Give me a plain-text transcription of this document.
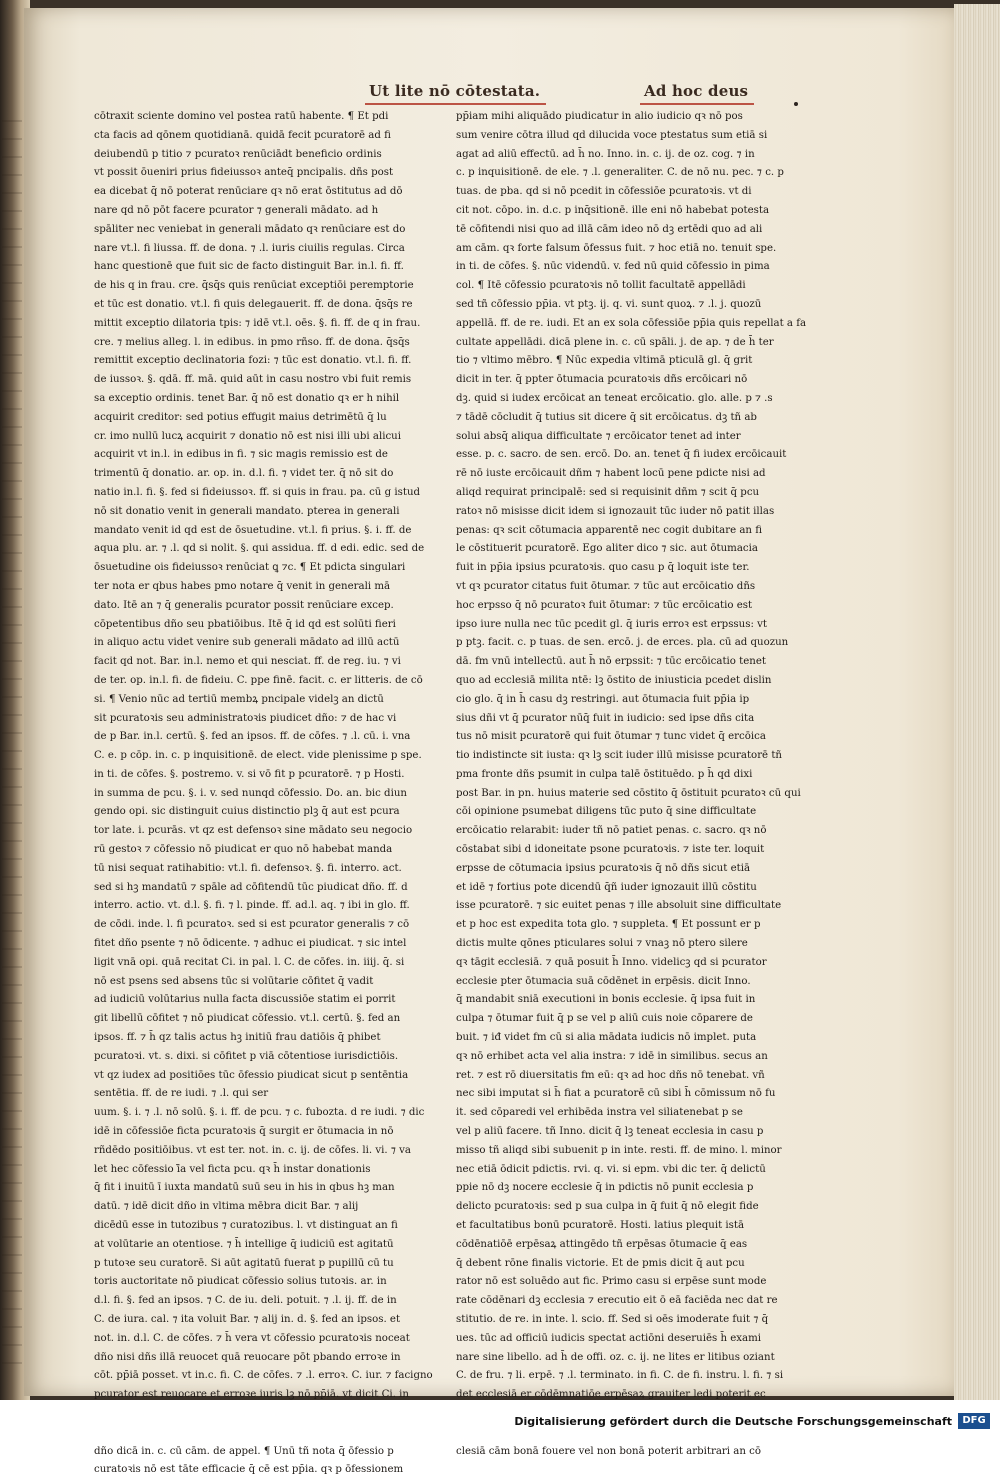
Ut lite nō cōtestata.	Ad hoc deus

cōtraxit sciente domino vel postea ratū habente. ¶ Et pdi

cta facis ad qōnem quotidianā. quidā fecit pcuratorē ad fi

deiubendū p titio ⁊ pcuratoꝛ renūciādt beneficio ordinis

vt possit ōueniri prius fideiussoꝛ anteq̄ pncipalis. dñs post

ea dicebat q̄ nō poterat renūciare qꝛ nō erat ōstitutus ad dō

nare qd nō pōt facere pcurator ⁊ generali mādato. ad h

spāliter nec veniebat in generali mādato qꝛ renūciare est do

nare vt.l. fi liussa. ff. de dona. ⁊ .l. iuris ciuilis regulas. Circa

hanc questionē que fuit sic de facto distinguit Bar. in.l. fi. ff.

de his q in frau. cre. q̄sq̄s quis renūciat exceptiōi peremptorie

et tūc est donatio. vt.l. fi quis delegauerit. ff. de dona. q̄sq̄s re

mittit exceptio dilatoria tpis: ⁊ idē vt.l. oēs. §. fi. ff. de q in frau.

cre. ⁊ melius alleg. l. in edibus. in pmo rñso. ff. de dona. q̄sq̄s

remittit exceptio declinatoria fozi: ⁊ tūc est donatio. vt.l. fi. ff.

de iussoꝛ. §. qdā. ff. mā. quid aūt in casu nostro vbi fuit remis

sa exceptio ordinis. tenet Bar. q̄ nō est donatio qꝛ er h nihil

acquirit creditor: sed potius effugit maius detrimētū q̄ lu

cr. imo nullū lucꝝ acquirit ⁊ donatio nō est nisi illi ubi alicui

acquirit vt in.l. in edibus in fi. ⁊ sic magis remissio est de

trimentū q̄ donatio. ar. op. in. d.l. fi. ⁊ videt ter. q̄ nō sit do

natio in.l. fi. §. fed si fideiussoꝛ. ff. si quis in frau. pa. cū g istud

nō sit donatio venit in generali mandato. pterea in generali

mandato venit id qd est de ōsuetudine. vt.l. fi prius. §. i. ff. de

aqua plu. ar. ⁊ .l. qd si nolit. §. qui assidua. ff. d edi. edic. sed de

ōsuetudine ois fideiussoꝛ renūciat ꝗ ⁊c. ¶ Et pdicta singulari

ter nota er qbus habes pmo notare q̄ venit in generali mā

dato. Itē an ⁊ q̄ generalis pcurator possit renūciare excep.

cōpetentibus dño seu pbatiōibus. Itē q̄ id qd est solūti fieri

in aliquo actu videt venire sub generali mādato ad illū actū

facit qd not. Bar. in.l. nemo et qui nesciat. ff. de reg. iu. ⁊ vi

de ter. op. in.l. fi. de fideiu. C. ppe finē. facit. c. er litteris. de cō

si. ¶ Venio nūc ad tertiū membꝝ pncipale videlꝫ an dictū

sit pcuratoꝛis seu administratoꝛis piudicet dño: ⁊ de hac vi

de p Bar. in.l. certū. §. fed an ipsos. ff. de cōfes. ⁊ .l. cū. i. vna

C. e. p cōp. in. c. p inquisitionē. de elect. vide plenissime p spe.

in ti. de cōfes. §. postremo. v. si vō fit p pcuratorē. ⁊ p Hosti.

in summa de pcu. §. i. v. sed nunqd cōfessio. Do. an. bic diun

gendo opi. sic distinguit cuius distinctio plꝫ q̄ aut est pcura

tor late. i. pcurās. vt qz est defensoꝛ sine mādato seu negocio

rū gestoꝛ ⁊ cōfessio nō piudicat er quo nō habebat manda

tū nisi sequat ratihabitio: vt.l. fi. defensoꝛ. §. fi. interro. act.

sed si hꝫ mandatū ⁊ spāle ad cōfitendū tūc piudicat dño. ff. d

interro. actio. vt. d.l. §. fi. ⁊ l. pinde. ff. ad.l. aq. ⁊ ibi in glo. ff.

de cōdi. inde. l. fi pcuratoꝛ. sed si est pcurator generalis ⁊ cō

fitet dño psente ⁊ nō ōdicente. ⁊ adhuc ei piudicat. ⁊ sic intel

ligit vnā opi. quā recitat Ci. in pal. l. C. de cōfes. in. iiij. q̄. si

nō est psens sed absens tūc si volūtarie cōfitet q̄ vadit

ad iudiciū volūtarius nulla facta discussiōe statim ei porrit

git libellū cōfitet ⁊ nō piudicat cōfessio. vt.l. certū. §. fed an

ipsos. ff. ⁊ h̄ qz talis actus hꝫ initiū frau datiōis q̄ phibet

pcuratoꝛi. vt. s. dixi. si cōfitet p viā cōtentiose iurisdictiōis.

vt qz iudex ad positiōes tūc ōfessio piudicat sicut p sentēntia

sentētia. ff. de re iudi. ⁊ .l. qui ser

uum. §. i. ⁊ .l. nō solū. §. i. ff. de pcu. ⁊ c. fubozta. d re iudi. ⁊ dic

idē in cōfessiōe ficta pcuratoꝛis q̄ surgit er ōtumacia in nō

rñdēdo positiōibus. vt est ter. not. in. c. ij. de cōfes. li. vi. ⁊ va

let hec cōfessio ī̄a vel ficta pcu. qꝛ h̄ instar donationis

q̄ fit i inuitū ī iuxta mandatū suū seu in his in qbus hꝫ man

datū. ⁊ idē dicit dño in vltima mēbra dicit Bar. ⁊ alij

dicēdū esse in tutozibus ⁊ curatozibus. l. vt distinguat an fi

at volūtarie an otentiose. ⁊ h̄ intellige q̄ iudiciū est agitatū

p tutoꝛe seu curatorē. Si aūt agitatū fuerat p pupillū cū tu

toris auctoritate nō piudicat cōfessio solius tutoꝛis. ar. in

d.l. fi. §. fed an ipsos. ⁊ C. de iu. deli. potuit. ⁊ .l. ij. ff. de in

C. de iura. cal. ⁊ ita voluit Bar. ⁊ alij in. d. §. fed an ipsos. et

not. in. d.l. C. de cōfes. ⁊ h̄ vera vt cōfessio pcuratoꝛis noceat

dño nisi dñs illā reuocet quā reuocare pōt pbando erroꝛe in

cōt. pp̄iā posset. vt in.c. fi. C. de cōfes. ⁊ .l. erroꝛ. C. iur. ⁊ facigno

pcurator est reuocare et erroꝛe iuris lꝫ nō pp̄iā. vt dicit Ci. in

dño dicā in. c. cū cām. de appel. ¶ Unū tñ nota q̄ ōfessio p

curatoꝛis nō est tāte efficacie q̄ cē est pp̄ia. qꝛ p ōfessionem

pp̄iam mihi aliquādo piudicatur in alio iudicio qꝛ nō pos

sum venire cōtra illud qd dilucida voce ptestatus sum etiā si

agat ad aliū effectū. ad h̄ no. Inno. in. c. ij. de oz. cog. ⁊ in

c. p inquisitionē. de ele. ⁊ .l. generaliter. C. de nō nu. pec. ⁊ c. p

tuas. de pba. qd si nō pcedit in cōfessiōe pcuratoꝛis. vt di

cit not. cōpo. in. d.c. p inq̄sitionē. ille eni nō habebat potesta

tē cōfitendi nisi quo ad illā cām ideo nō dꝫ ertēdi quo ad ali

am cām. qꝛ forte falsum ōfessus fuit. ⁊ hoc etiā no. tenuit spe.

in ti. de cōfes. §. nūc videndū. v. fed nū quid cōfessio in pima

col. ¶ Itē cōfessio pcuratoꝛis nō tollit facultatē appellādi

sed tñ cōfessio pp̄ia. vt ptꝫ. ij. q. vi. sunt quoꝝ. ⁊ .l. j. quozū

appellā. ff. de re. iudi. Et an ex sola cōfessiōe pp̄ia quis repellat a fa

cultate appellādi. dicā plene in. c. cū spāli. j. de ap. ⁊ de h̄ ter

tio ⁊ vltimo mēbro. ¶ Nūc expedia vltimā pticulā gl. q̄ grit

dicit in ter. q̄ ppter ōtumacia pcuratoꝛis dñs ercōicari nō

dꝫ. quid si iudex ercōicat an teneat ercōicatio. glo. alle. p ⁊ .s

⁊ tādē cōcludit q̄ tutius sit dicere q̄ sit ercōicatus. dꝫ tñ ab

solui absq̄ aliqua difficultate ⁊ ercōicator tenet ad inter

esse. p. c. sacro. de sen. ercō. Do. an. tenet q̄ fi iudex ercōicauit

rē nō iuste ercōicauit dñm ⁊ habent locū pene pdicte nisi ad

aliqd requirat principalē: sed si requisinit dñm ⁊ scit q̄ pcu

ratoꝛ nō misisse dicit idem si ignozauit tūc iuder nō patit illas

penas: qꝛ scit cōtumacia apparentē nec cogit dubitare an fi

le cōstituerit pcuratorē. Ego aliter dico ⁊ sic. aut ōtumacia

fuit in pp̄ia ipsius pcuratoꝛis. quo casu p q̄ loquit iste ter.

vt qꝛ pcurator citatus fuit ōtumar. ⁊ tūc aut ercōicatio dñs

hoc erpsso q̄ nō pcuratoꝛ fuit ōtumar: ⁊ tūc ercōicatio est

ipso iure nulla nec tūc pcedit gl. q̄ iuris erroꝛ est erpssus: vt

p ptꝫ. facit. c. p tuas. de sen. ercō. j. de erces. pla. cū ad quozun

dā. fm vnū intellectū. aut h̄ nō erpssit: ⁊ tūc ercōicatio tenet

quo ad ecclesiā milita ntē: lꝫ ōstito de iniusticia pcedet dislin

cio glo. q̄ in h̄ casu dꝫ restringi. aut ōtumacia fuit pp̄ia ip

sius dñi vt q̄ pcurator nūq̄ fuit in iudicio: sed ipse dñs cita

tus nō misit pcuratorē qui fuit ōtumar ⁊ tunc videt q̄ ercōica

tio indistincte sit iusta: qꝛ lꝫ scit iuder illū misisse pcuratorē tñ

pma fronte dñs psumit in culpa talē ōstituēdo. p h̄ qd dixi

post Bar. in pn. huius materie sed cōstito q̄ ōstituit pcuratoꝛ cū qui

cōi opinione psumebat diligens tūc puto q̄ sine difficultate

ercōicatio relarabit: iuder tñ nō patiet penas. c. sacro. qꝛ nō

cōstabat sibi d idoneitate psone pcuratoꝛis. ⁊ iste ter. loquit

erpsse de cōtumacia ipsius pcuratoꝛis q̄ nō dñs sicut etiā

et idē ⁊ fortius pote dicendū q̄ñ iuder ignozauit illū cōstitu

isse pcuratorē. ⁊ sic euitet penas ⁊ ille absoluit sine difficultate

et p hoc est expedita tota glo. ⁊ suppleta. ¶ Et possunt er p

dictis multe qōnes pticulares solui ⁊ vnaꝫ nō ptero silere

qꝛ tāgit ecclesiā. ⁊ quā posuit h̄ Inno. videlicꝫ qd si pcurator

ecclesie pter ōtumacia suā cōdēnet in erpēsis. dicit Inno.

q̄ mandabit sniā executioni in bonis ecclesie. q̄ ipsa fuit in

culpa ⁊ ōtumar fuit q̄ p se vel p aliū cuis noie cōparere de

buit. ⁊ iđ videt fm cū si alia mādata iudicis nō implet. puta

qꝛ nō erhibet acta vel alia instra: ⁊ idē in similibus. secus an

ret. ⁊ est rō diuersitatis fm eū: qꝛ ad hoc dñs nō tenebat. vñ

nec sibi imputat si h̄ fiat a pcuratorē cū sibi h̄ cōmissum nō fu

it. sed cōparedi vel erhibēda instra vel siliatenebat p se

vel p aliū facere. tñ Inno. dicit q̄ lꝫ teneat ecclesia in casu p

misso tñ aliqd sibi subuenit p in inte. resti. ff. de mino. l. minor

nec etiā ōdicit pdictis. rvi. q. vi. si epm. vbi dic ter. q̄ delictū

ppie nō dꝫ nocere ecclesie q̄ in pdictis nō punit ecclesia p

delicto pcuratoꝛis: sed p sua culpa in q̄ fuit q̄ nō elegit fide

et facultatibus bonū pcuratorē. Hosti. latius plequit istā

cōdēnatiōē erpēsaꝝ attingēdo tñ erpēsas ōtumacie q̄ eas

q̄ debent rōne finalis victorie. Et de pmis dicit q̄ aut pcu

rator nō est soluēdo aut fic. Primo casu si erpēse sunt mode

rate cōdēnari dꝫ ecclesia ⁊ erecutio eit ō eā faciēda nec dat re

stitutio. de re. in inte. l. scio. ff. Sed si oēs imoderate fuit ⁊ q̄

ues. tūc ad officiū iudicis spectat actiōni deseruiēs h̄ exami

nare sine libello. ad h̄ de offi. oz. c. ij. ne lites er litibus oziant

C. de fru. ⁊ li. erpē. ⁊ .l. terminato. in fi. C. de fi. instru. l. fi. ⁊ si

det ecclesiā er cōdēmnatiōe erpēsaꝝ grauiter ledi poterit ec

clesiā cām bonā fouere vel non bonā poterit arbitrari an cō

Digitalisierung gefördert durch die Deutsche Forschungsgemeinschaft	DFG
